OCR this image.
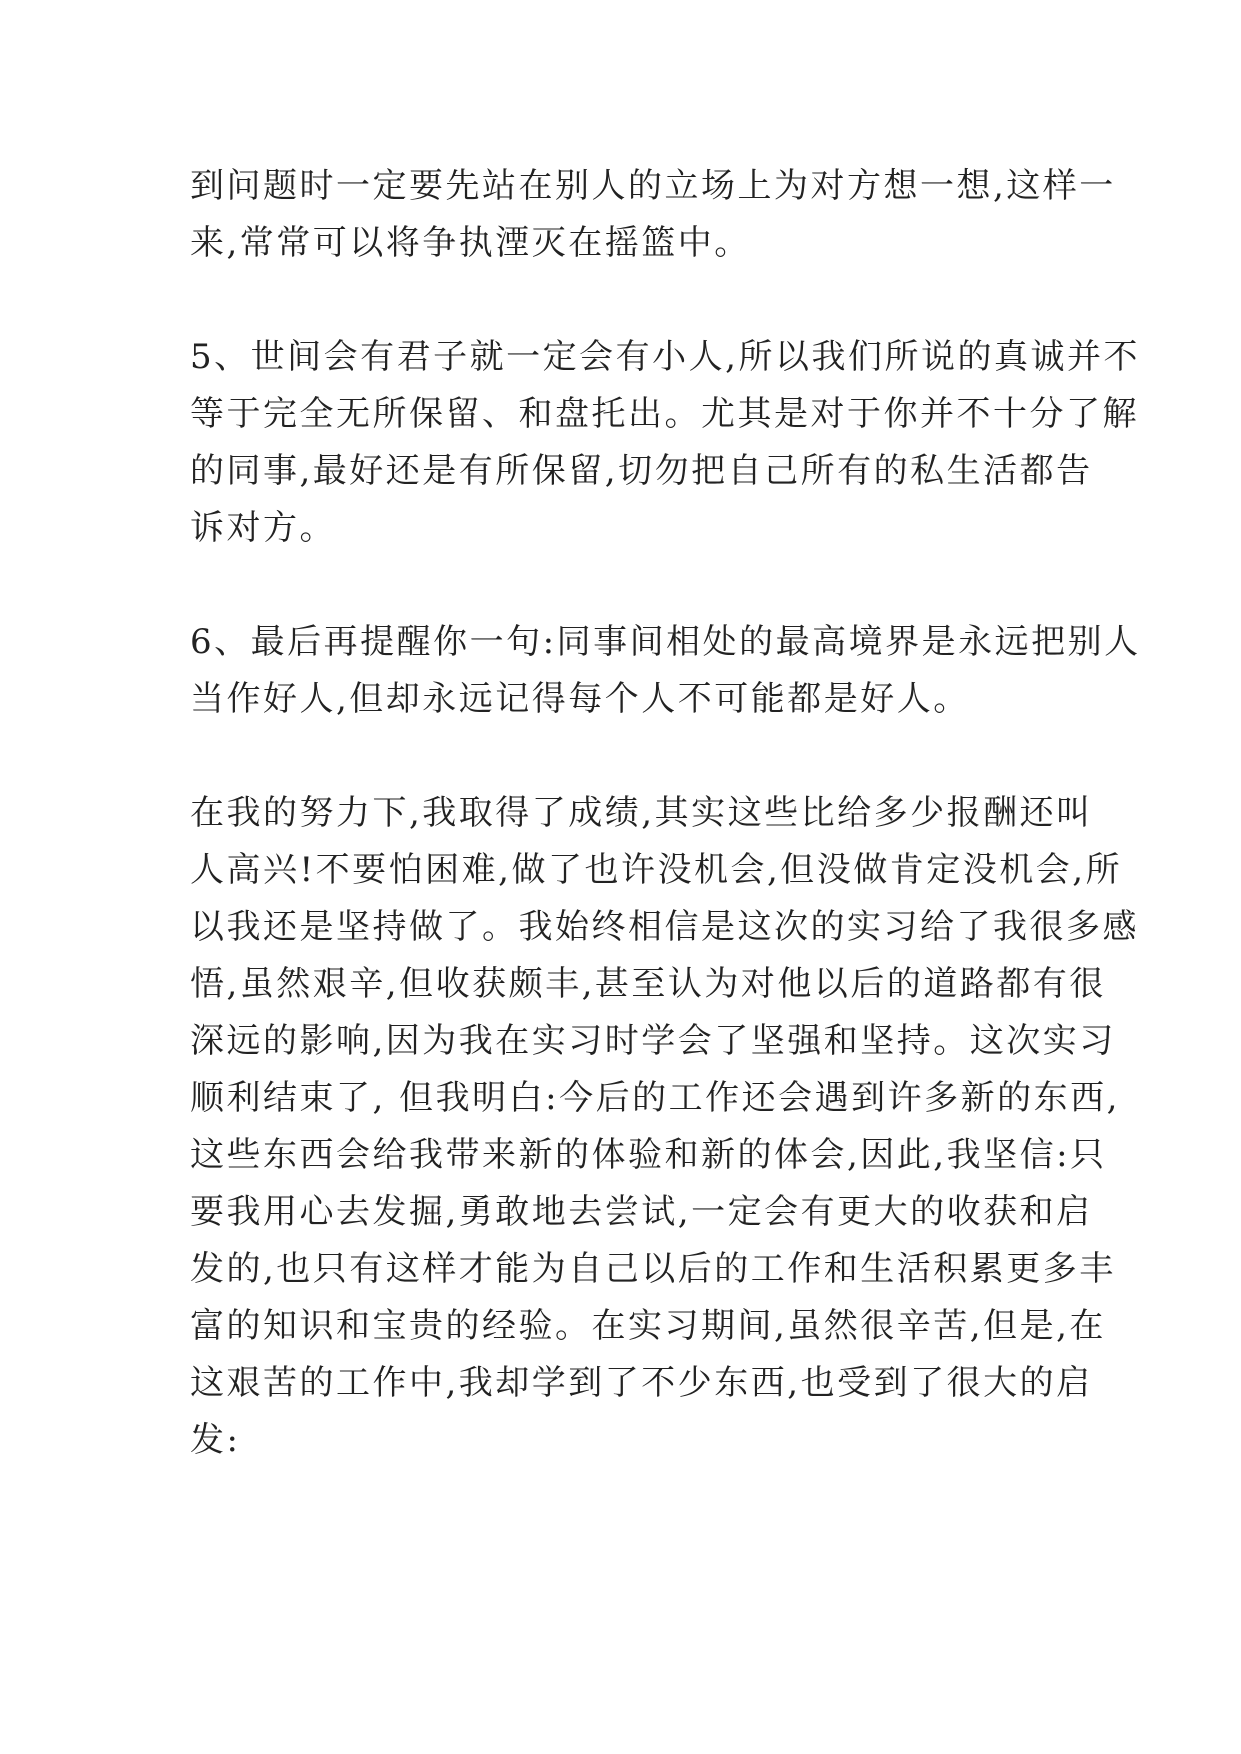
到问题时一定要先站在别人的立场上为对方想一想,这样一
来,常常可以将争执湮灭在摇篮中。

5、世间会有君子就一定会有小人,所以我们所说的真诚并不
等于完全无所保留、和盘托出。尤其是对于你并不十分了解
的同事,最好还是有所保留,切勿把自己所有的私生活都告
诉对方。

6、最后再提醒你一句:同事间相处的最高境界是永远把别人
当作好人,但却永远记得每个人不可能都是好人。

在我的努力下,我取得了成绩,其实这些比给多少报酬还叫
人高兴!不要怕困难,做了也许没机会,但没做肯定没机会,所
以我还是坚持做了。我始终相信是这次的实习给了我很多感
悟,虽然艰辛,但收获颇丰,甚至认为对他以后的道路都有很
深远的影响,因为我在实习时学会了坚强和坚持。这次实习
顺利结束了, 但我明白:今后的工作还会遇到许多新的东西,
这些东西会给我带来新的体验和新的体会,因此,我坚信:只
要我用心去发掘,勇敢地去尝试,一定会有更大的收获和启
发的,也只有这样才能为自己以后的工作和生活积累更多丰
富的知识和宝贵的经验。在实习期间,虽然很辛苦,但是,在
这艰苦的工作中,我却学到了不少东西,也受到了很大的启
发:
